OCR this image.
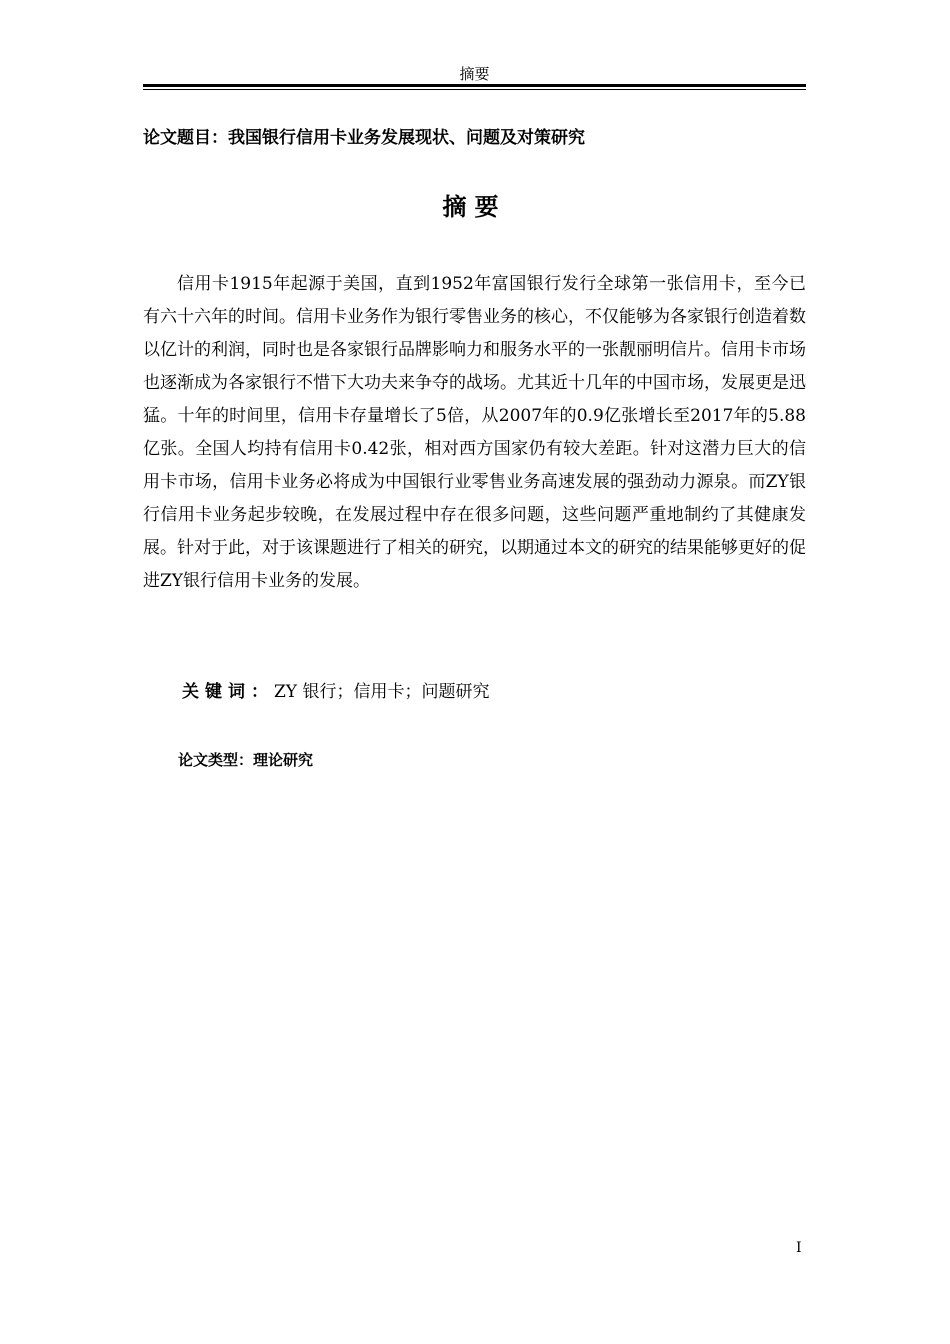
摘要
论文题目：我国银行信用卡业务发展现状、问题及对策研究
摘要

信用卡1915年起源于美国，直到1952年富国银行发行全球第一张信用卡，至今已有六十六年的时间。信用卡业务作为银行零售业务的核心，不仅能够为各家银行创造着数以亿计的利润，同时也是各家银行品牌影响力和服务水平的一张靓丽明信片。信用卡市场也逐渐成为各家银行不惜下大功夫来争夺的战场。尤其近十几年的中国市场，发展更是迅猛。十年的时间里，信用卡存量增长了5倍，从2007年的0.9亿张增长至2017年的5.88亿张。全国人均持有信用卡0.42张，相对西方国家仍有较大差距。针对这潜力巨大的信用卡市场，信用卡业务必将成为中国银行业零售业务高速发展的强劲动力源泉。而ZY银行信用卡业务起步较晚，在发展过程中存在很多问题，这些问题严重地制约了其健康发展。针对于此，对于该课题进行了相关的研究，以期通过本文的研究的结果能够更好的促进ZY银行信用卡业务的发展。

关键词：ZY 银行；信用卡；问题研究
论文类型：理论研究
I
